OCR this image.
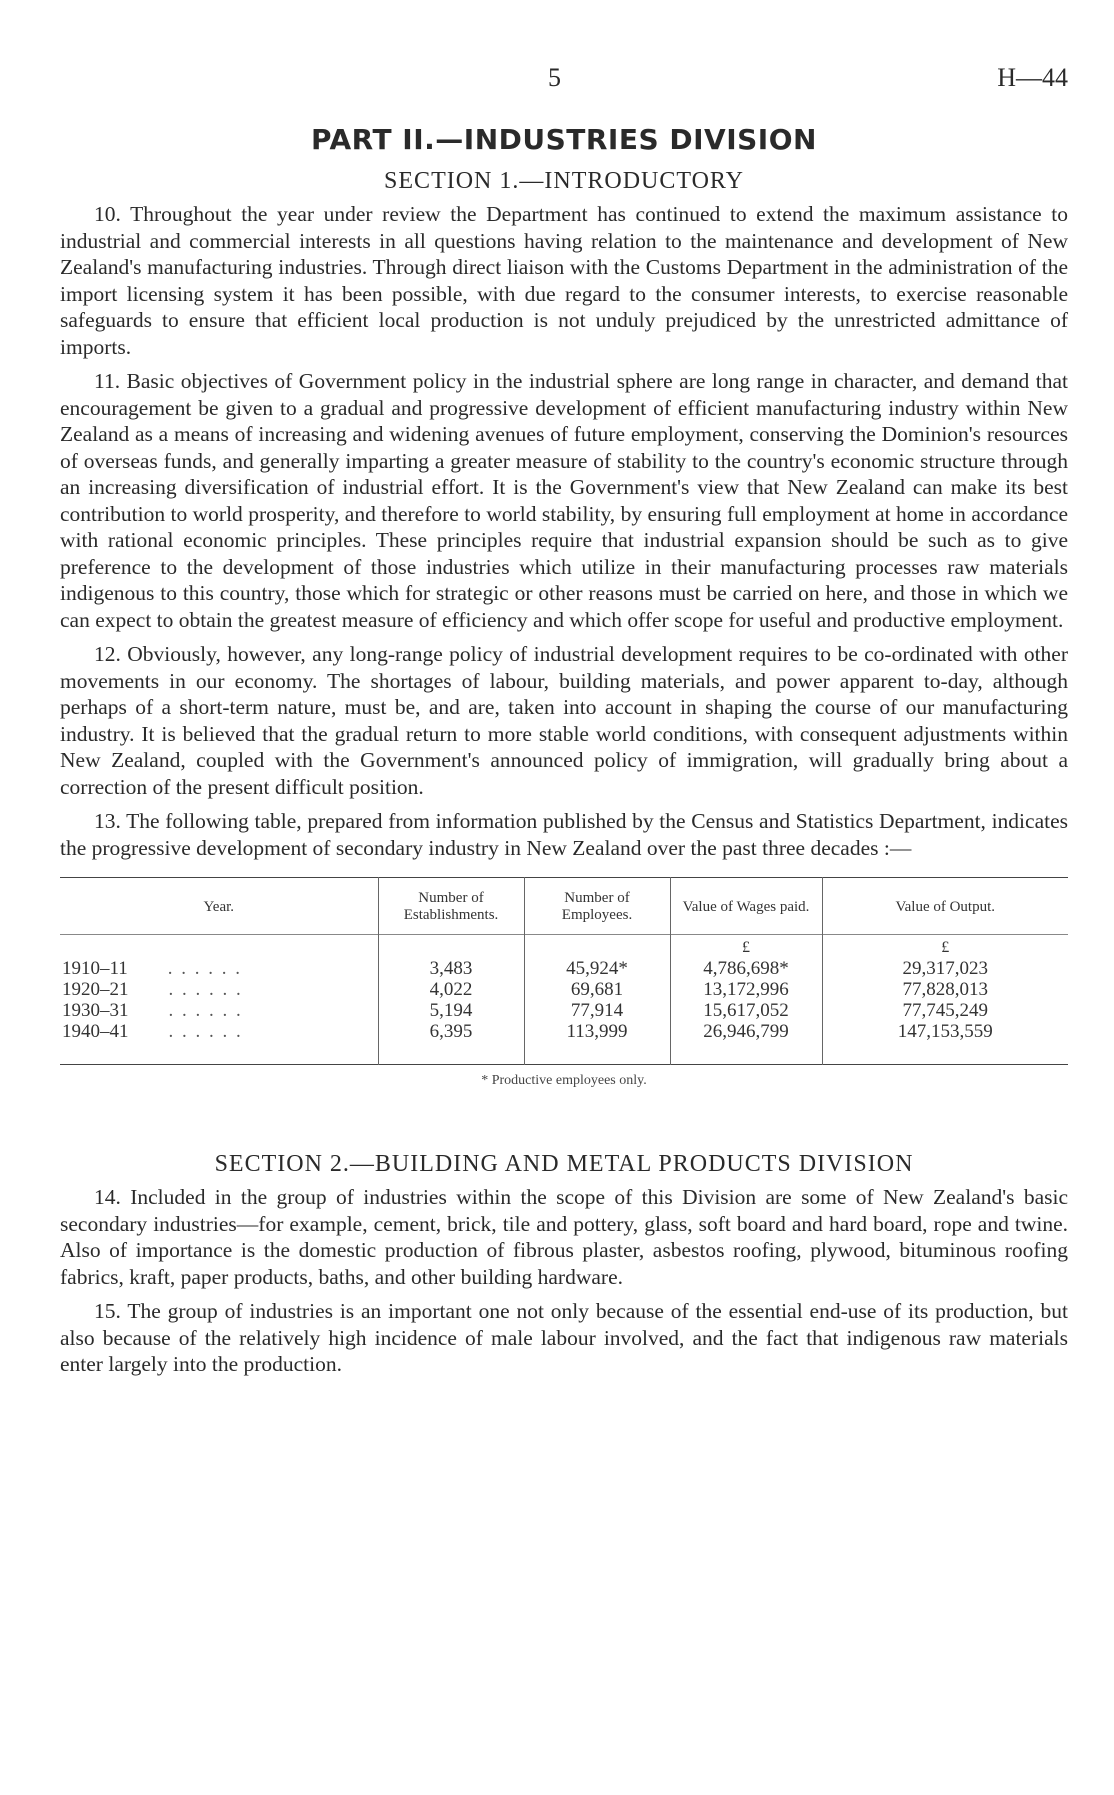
5	H—44
PART II.—INDUSTRIES DIVISION
SECTION 1.—INTRODUCTORY

10. Throughout the year under review the Department has continued to extend the maximum assistance to industrial and commercial interests in all questions having relation to the maintenance and development of New Zealand's manufacturing industries. Through direct liaison with the Customs Department in the administration of the import licensing system it has been possible, with due regard to the consumer interests, to exercise reasonable safeguards to ensure that efficient local production is not unduly prejudiced by the unrestricted admittance of imports.

11. Basic objectives of Government policy in the industrial sphere are long range in character, and demand that encouragement be given to a gradual and progressive development of efficient manufacturing industry within New Zealand as a means of increasing and widening avenues of future employment, conserving the Dominion's resources of overseas funds, and generally imparting a greater measure of stability to the country's economic structure through an increasing diversification of industrial effort. It is the Government's view that New Zealand can make its best contribution to world prosperity, and therefore to world stability, by ensuring full employment at home in accordance with rational economic principles. These principles require that industrial expansion should be such as to give preference to the development of those industries which utilize in their manufacturing processes raw materials indigenous to this country, those which for strategic or other reasons must be carried on here, and those in which we can expect to obtain the greatest measure of efficiency and which offer scope for useful and productive employment.

12. Obviously, however, any long-range policy of industrial development requires to be co-ordinated with other movements in our economy. The shortages of labour, building materials, and power apparent to-day, although perhaps of a short-term nature, must be, and are, taken into account in shaping the course of our manufacturing industry. It is believed that the gradual return to more stable world conditions, with consequent adjustments within New Zealand, coupled with the Government's announced policy of immigration, will gradually bring about a correction of the present difficult position.

13. The following table, prepared from information published by the Census and Statistics Department, indicates the progressive development of secondary industry in New Zealand over the past three decades :—

Year.	Number of Establishments.	Number of Employees.	Value of Wages paid.	Value of Output.
			£	£
1910–11 . . . . . .	3,483	45,924*	4,786,698*	29,317,023
1920–21 . . . . . .	4,022	69,681	13,172,996	77,828,013
1930–31 . . . . . .	5,194	77,914	15,617,052	77,745,249
1940–41 . . . . . .	6,395	113,999	26,946,799	147,153,559
* Productive employees only.
SECTION 2.—BUILDING AND METAL PRODUCTS DIVISION

14. Included in the group of industries within the scope of this Division are some of New Zealand's basic secondary industries—for example, cement, brick, tile and pottery, glass, soft board and hard board, rope and twine. Also of importance is the domestic production of fibrous plaster, asbestos roofing, plywood, bituminous roofing fabrics, kraft, paper products, baths, and other building hardware.

15. The group of industries is an important one not only because of the essential end-use of its production, but also because of the relatively high incidence of male labour involved, and the fact that indigenous raw materials enter largely into the production.
